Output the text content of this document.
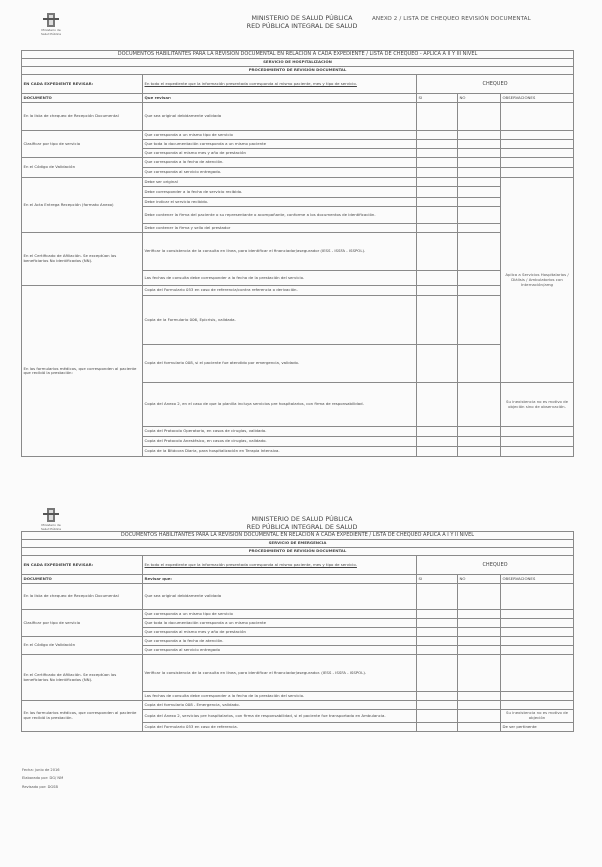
Ministerio de Salud Pública
MINISTERIO DE SALUD PÚBLICA
RED PÚBLICA INTEGRAL DE SALUD
ANEXO 2 / LISTA DE CHEQUEO REVISIÓN DOCUMENTAL
DOCUMENTOS HABILITANTES PARA LA REVISIÓN DOCUMENTAL EN RELACIÓN A CADA EXPEDIENTE / LISTA DE CHEQUEO - APLICA A II Y III NIVEL					
SERVICIO DE HOSPITALIZACIÓN					
PROCEDIMIENTO DE REVISIÓN DOCUMENTAL					
EN CADA EXPEDIENTE REVISAR:	En todo el expediente que la información presentada corresponda al mismo paciente, mes y tipo de servicio.	CHEQUEO			
DOCUMENTO	Que revisar:	SI	NO	OBSERVACIONES	
En la lista de chequeo de Recepción Documental	Que sea original debidamente validada				
Clasificar por tipo de servicio	Que corresponda a un mismo tipo de servicio				
	Que toda la documentación corresponda a un mismo paciente				
	Que corresponda al mismo mes y año de prestación				
En el Código de Validación	Que corresponda a la fecha de atención.				
	Que corresponda al servicio entregado.				
En el Acta Entrega Recepción (formato Anexo)	Debe ser original			Aplica a Servicios Hospitalarios / Diálisis / Ambulatorios con Internación/amg	
	Debe corresponder a la fecha de servicio recibido.				
	Debe indicar el servicio recibido.				
	Debe contener la firma del paciente o su representante o acompañante, conforme a los documentos de identificación.				
	Debe contener la firma y sello del prestador				
En el Certificado de Afiliación. Se exceptúan los beneficiarios No identificados (NN).	Verificar la consistencia de la consulta en línea, para identificar el financiador/asegurador (IESS - ISSFA - ISSPOL).				
	Las fechas de consulta debe corresponder a la fecha de la prestación del servicio.			
En los formularios médicos, que corresponden al paciente que recibió la prestación:	Copia del Formulario 053 en caso de referencia/contra referencia o derivación.				
	Copia de la Formulario 006, Epicrisis, validada.			
	Copia del formulario 008, si el paciente fue atendido por emergencia, validado.				
	Copia del Anexo 2, en el caso de que la planilla incluya servicios pre hospitalarios, con firma de responsabilidad.			Su inexistencia no es motivo de objeción sino de observación.	
	Copia del Protocolo Operatorio, en casos de cirugías, validado.				
	Copia del Protocolo Anestésico, en casos de cirugías, validado.				
	Copia de la Bitácora Diaria, para hospitalización en Terapia Intensiva.				
Ministerio de Salud Pública
MINISTERIO DE SALUD PÚBLICA
RED PÚBLICA INTEGRAL DE SALUD
DOCUMENTOS HABILITANTES PARA LA REVISIÓN DOCUMENTAL EN RELACIÓN A CADA EXPEDIENTE / LISTA DE CHEQUEO APLICA A I Y II NIVEL				
SERVICIO DE EMERGENCIA				
PROCEDIMIENTO DE REVISIÓN DOCUMENTAL				
EN CADA EXPEDIENTE REVISAR:	En todo el expediente que la información presentada corresponda al mismo paciente, mes y tipo de servicio.	CHEQUEO		
DOCUMENTO	Revisar que:	SI	NO	OBSERVACIONES
En la lista de chequeo de Recepción Documental	Que sea original debidamente validada			
Clasificar por tipo de servicio	Que corresponda a un mismo tipo de servicio			
	Que toda la documentación corresponda a un mismo paciente			
	Que corresponda al mismo mes y año de prestación			
En el Código de Validación	Que corresponda a la fecha de atención.			
	Que corresponda al servicio entregado			
En el Certificado de Afiliación. Se exceptúan los beneficiarios No identificados (NN).	Verificar la consistencia de la consulta en línea, para identificar el financiador/asegurador. (IESS - ISSFA - ISSPOL).			
	Las fechas de consulta debe corresponder a la fecha de la prestación del servicio.			
En los formularios médicos, que corresponden al paciente que recibió la prestación.	Copia del formulario 008 - Emergencia, validado.			
	Copia del Anexo 2, servicios pre hospitalarios, con firma de responsabilidad, si el paciente fue transportado en Ambulancia.			Su inexistencia no es motivo de objeción
	Copia del Formulario 053 en caso de referencia.			De ser pertinente
Fecha: junio de 2016
Elaborado por: DG/ NM
Revisado por: DGSB
